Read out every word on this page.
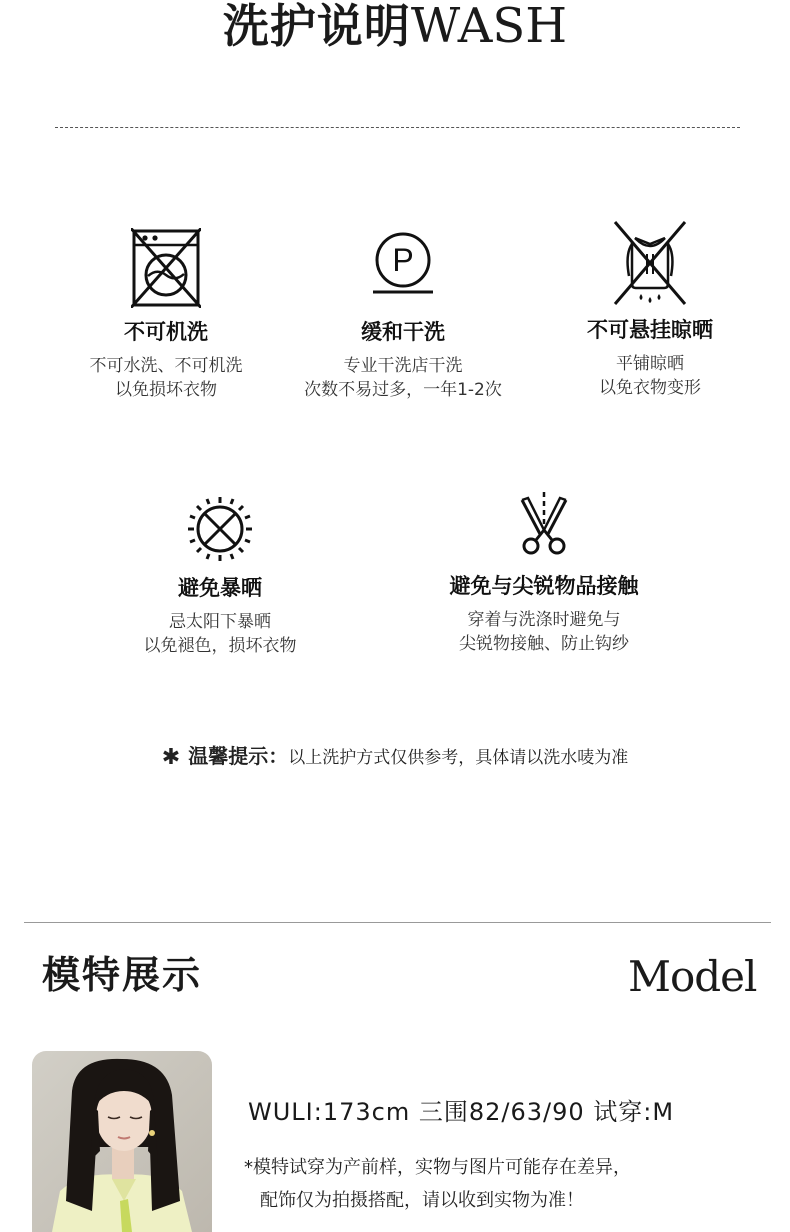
洗护说明WASH
不可机洗
不可水洗、不可机洗
以免损坏衣物
P
缓和干洗
专业干洗店干洗
次数不易过多，一年1-2次
不可悬挂晾晒
平铺晾晒
以免衣物变形
避免暴晒
忌太阳下暴晒
以免褪色，损坏衣物
避免与尖锐物品接触
穿着与洗涤时避免与
尖锐物接触、防止钩纱
✱ 温馨提示：以上洗护方式仅供参考，具体请以洗水唛为准
模特展示	Model
WULI:173cm 三围82/63/90 试穿:M
*模特试穿为产前样，实物与图片可能存在差异，
配饰仅为拍摄搭配，请以收到实物为准！
